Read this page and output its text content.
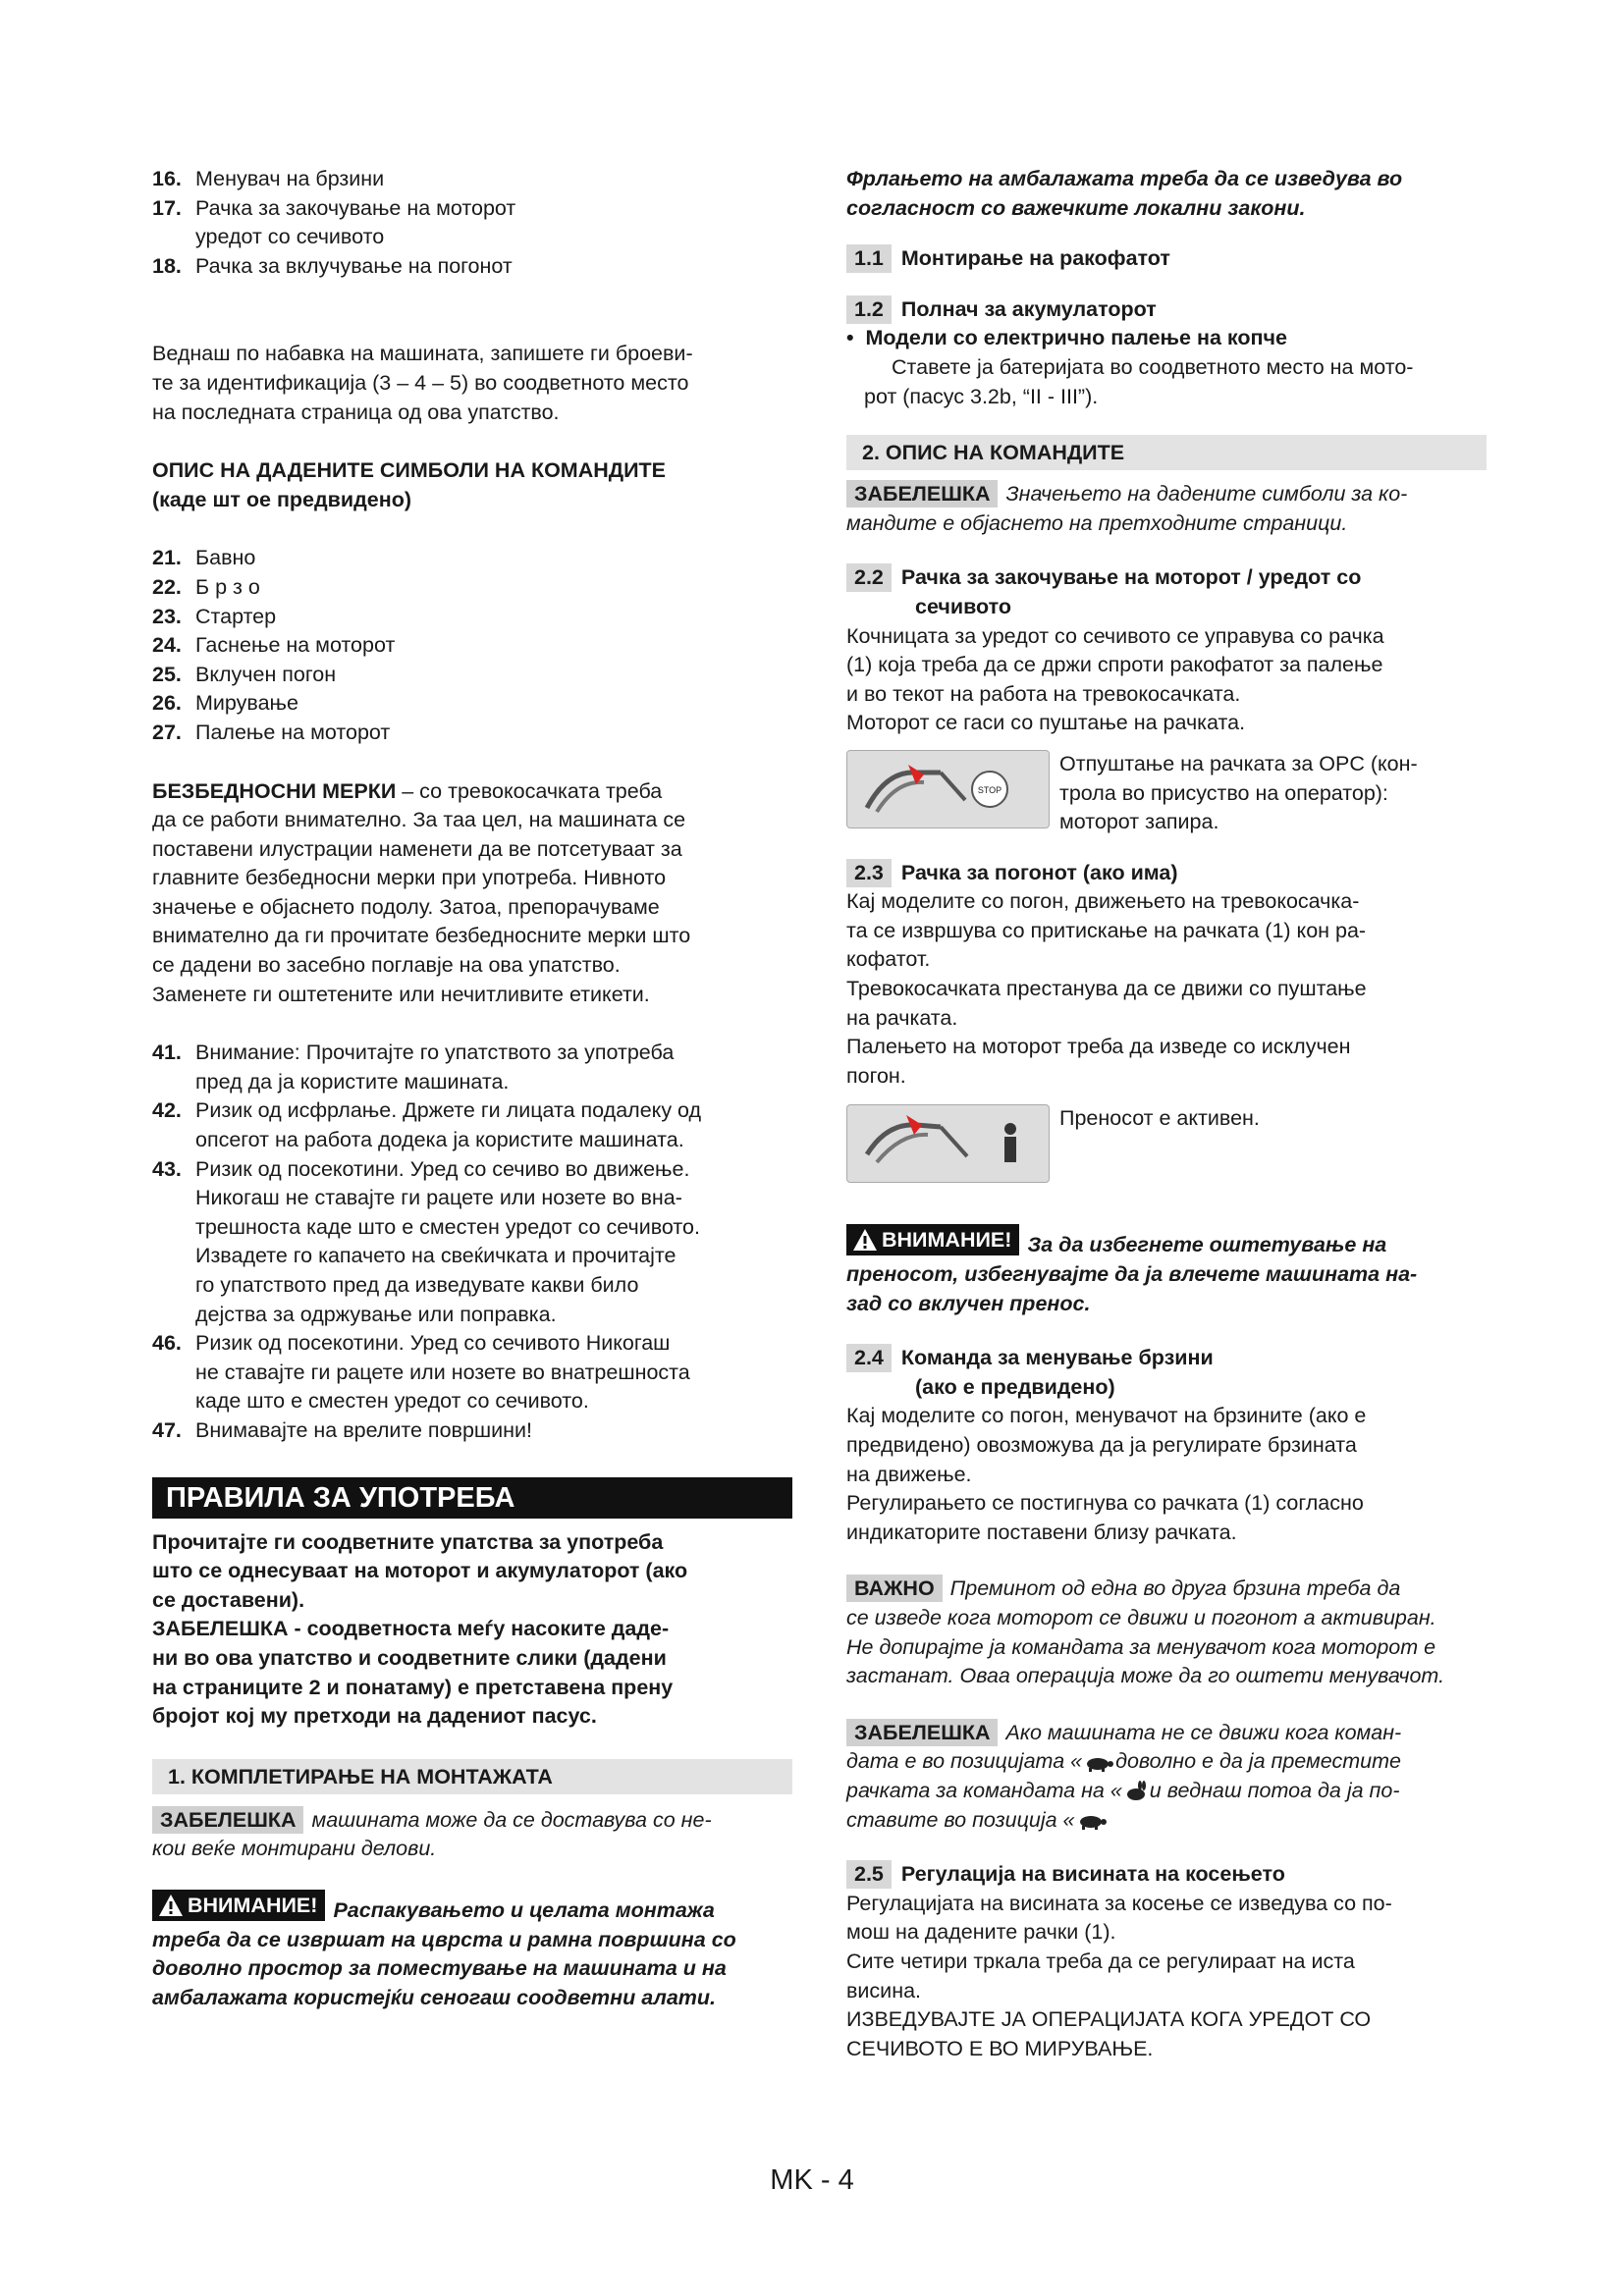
16. Менувач на брзини

17. Рачка за закочување на моторот

уредот со сечивото

18. Рачка за вклучување на погонот

Веднаш по набавка на машината, запишете ги броеви-

те за идентификација (3 – 4 – 5) во соодветното место

на последната страница од ова упатство.

ОПИС НА ДАДЕНИТЕ СИМБОЛИ НА КОМАНДИТЕ

(каде шт ое предвидено)

21. Бавно
22. Б р з о
23. Стартер
24. Гаснење на моторот
25. Вклучен погон
26. Мирување
27. Палење на моторот

БЕЗБЕДНОСНИ МЕРКИ – со тревокосачката треба

да се работи внимателно. За таа цел, на машината се

поставени илустрации наменети да ве потсетуваат за

главните безбедносни мерки при употреба. Нивното

значење е објаснето подолу. Затоа, препорачуваме

внимателно да ги прочитате безбедносните мерки што

се дадени во засебно поглавје на ова упатство.

Заменете ги оштетените или нечитливите етикети.

41. Внимание: Прочитајте го упатството за употреба

пред да ја користите машината.

42. Ризик од исфрлање. Држете ги лицата подалеку од

опсегот на работа додека ја користите машината.

43. Ризик од посекотини. Уред со сечиво во движење.

Никогаш не ставајте ги рацете или нозете во вна-

трешноста каде што е сместен уредот со сечивото.

Извадете го капачето на свеќичката и прочитајте

го упатството пред да изведувате какви било

дејства за одржување или поправка.

46. Ризик од посекотини. Уред со сечивото Никогаш

не ставајте ги рацете или нозете во внатрешноста

каде што е сместен уредот со сечивото.

47. Внимавајте на врелите површини!

ПРАВИЛА ЗА УПОТРЕБА

Прочитајте ги соодветните упатства за употреба

што се однесуваат на моторот и акумулаторот (ако

се доставени).

ЗАБЕЛЕШКА - соодветноста меѓу насоките даде-

ни во ова упатство и соодветните слики (дадени

на страниците 2 и понатаму) е претставена прену

бројот кој му претходи на дадениот пасус.

1. КОМПЛЕТИРАЊЕ НА МОНТАЖАТА

ЗАБЕЛЕШКА машината може да се доставува со не-

кои веќе монтирани делови.

ВНИМАНИЕ! Распакувањето и целата монтажа

треба да се извршат на цврста и рамна површина со

доволно простор за поместување на машината и на

амбалажата користејќи сеногаш соодветни алати.

Фрлањето на амбалажата треба да се изведува во

согласност со важечките локални закони.

1.1 Монтирање на ракофатот

1.2 Полнач за акумулаторот

•  Модели со електрично палење на копче

Ставете ја батеријата во соодветното место на мото-

рот (пасус 3.2b, “II - III”).

2. ОПИС НА КОМАНДИТЕ

ЗАБЕЛЕШКА Значењето на дадените симболи за ко-

мандите е објаснето на претходните страници.

2.2 Рачка за закочување на моторот / уредот со

сечивото

Кочницата за уредот со сечивото се управува со рачка

(1) која треба да се држи спроти ракофатот за палење

и во текот на работа на тревокосачката.

Моторот се гаси со пуштање на рачката.

STOP

Отпуштање на рачката за OPC (кон-

трола во присуство на оператор):

моторот запира.

2.3 Рачка за погонот (ако има)

Кај моделите со погон, движењето на тревокосачка-

та се извршува со притискање на рачката (1) кон ра-

кофатот.

Тревокосачката престанува да се движи со пуштање

на рачката.

Палењето на моторот треба да изведе со исклучен

погон.

Преносот е активен.

ВНИМАНИЕ! За да избегнете оштетување на

преносот, избегнувајте да ја влечете машината на-

зад со вклучен пренос.

2.4 Команда за менување брзини

(ако е предвидено)

Кај моделите со погон, менувачот на брзините (ако е

предвидено) овозможува да ја регулирате брзината

на движење.

Регулирањето се постигнува со рачката (1) согласно

индикаторите поставени близу рачката.

ВАЖНО Преминот од една во друга брзина треба да

се изведе кога моторот се движи и погонот а активиран.

Не допирајте ја командата за менувачот кога моторот е

застанат. Оваа операција може да го оштети менувачот.

ЗАБЕЛЕШКА Ако машината не се движи кога коман-

дата е во позицијата « доволно е да ја преместите

рачката за командата на « и веднаш потоа да ја по-

ставите во позиција «

2.5 Регулација на висината на косењето

Регулацијата на висината за косење се изведува со по-

мош на дадените рачки (1).

Сите четири тркала треба да се регулираат на иста

висина.

ИЗВЕДУВАЈТЕ ЈА ОПЕРАЦИЈАТА КОГА УРЕДОТ СО

СЕЧИВОТО Е ВО МИРУВАЊЕ.

MK - 4
